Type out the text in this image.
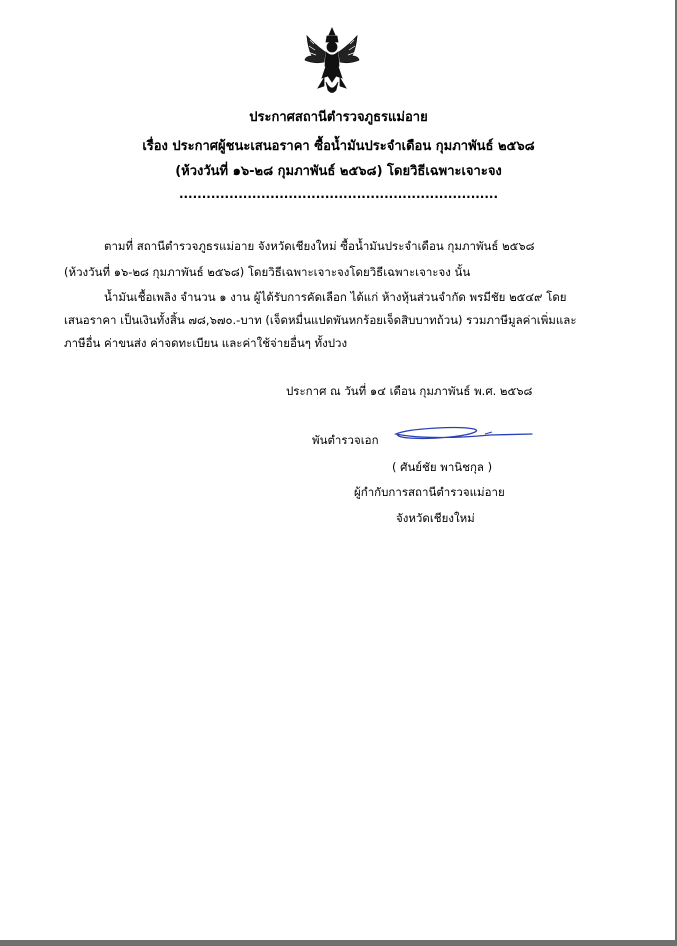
ประกาศสถานีตำรวจภูธรแม่อาย
เรื่อง ประกาศผู้ชนะเสนอราคา ซื้อน้ำมันประจำเดือน กุมภาพันธ์ ๒๕๖๘
(ห้วงวันที่ ๑๖-๒๘ กุมภาพันธ์ ๒๕๖๘) โดยวิธีเฉพาะเจาะจง
......................................................................
ตามที่ สถานีตำรวจภูธรแม่อาย จังหวัดเชียงใหม่ ซื้อน้ำมันประจำเดือน กุมภาพันธ์ ๒๕๖๘
(ห้วงวันที่ ๑๖-๒๘ กุมภาพันธ์ ๒๕๖๘) โดยวิธีเฉพาะเจาะจงโดยวิธีเฉพาะเจาะจง นั้น
น้ำมันเชื้อเพลิง จำนวน ๑ งาน ผู้ได้รับการคัดเลือก ได้แก่ ห้างหุ้นส่วนจำกัด พรมีชัย ๒๕๔๙ โดย
เสนอราคา เป็นเงินทั้งสิ้น ๗๘,๖๗๐.-บาท (เจ็ดหมื่นแปดพันหกร้อยเจ็ดสิบบาทถ้วน) รวมภาษีมูลค่าเพิ่มและ
ภาษีอื่น ค่าขนส่ง ค่าจดทะเบียน และค่าใช้จ่ายอื่นๆ ทั้งปวง
ประกาศ ณ วันที่ ๑๔ เดือน กุมภาพันธ์ พ.ศ. ๒๕๖๘
พันตำรวจเอก
( ศันย์ชัย พานิชกุล )
ผู้กำกับการสถานีตำรวจแม่อาย
จังหวัดเชียงใหม่
